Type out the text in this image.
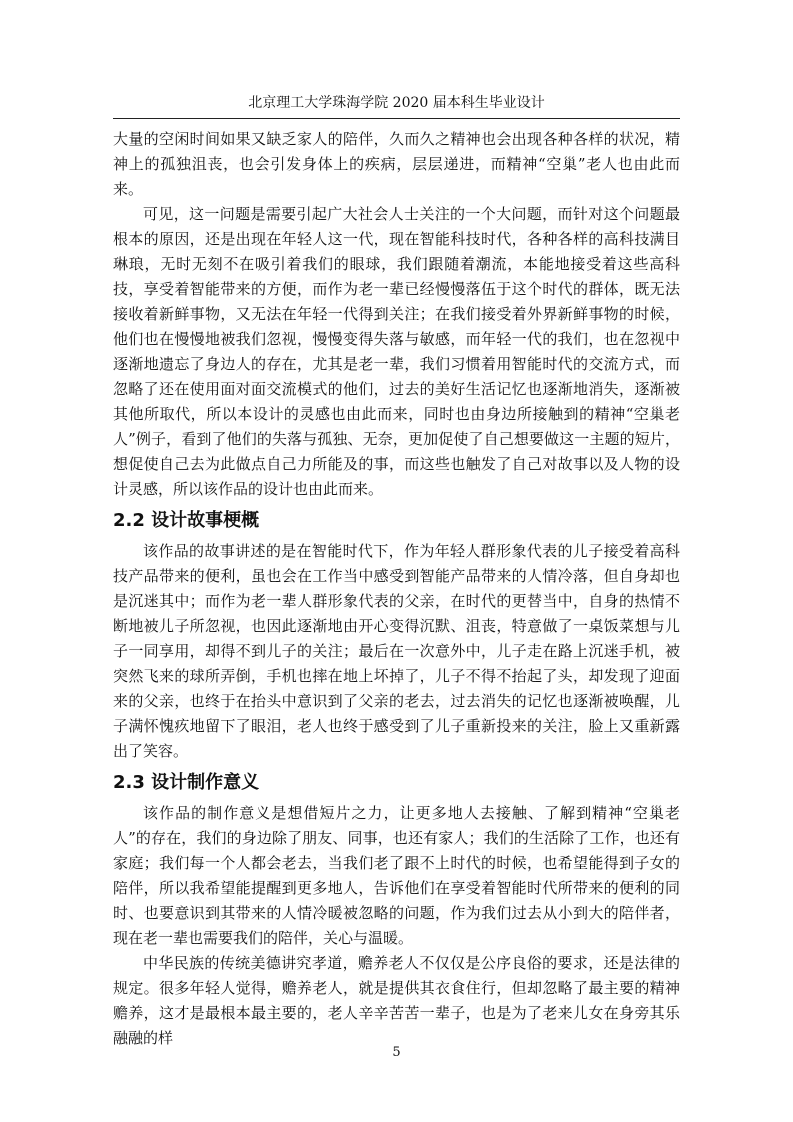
北京理工大学珠海学院 2020 届本科生毕业设计

大量的空闲时间如果又缺乏家人的陪伴，久而久之精神也会出现各种各样的状况，精神上的孤独沮丧，也会引发身体上的疾病，层层递进，而精神“空巢”老人也由此而来。

可见，这一问题是需要引起广大社会人士关注的一个大问题，而针对这个问题最根本的原因，还是出现在年轻人这一代，现在智能科技时代，各种各样的高科技满目琳琅，无时无刻不在吸引着我们的眼球，我们跟随着潮流，本能地接受着这些高科技，享受着智能带来的方便，而作为老一辈已经慢慢落伍于这个时代的群体，既无法接收着新鲜事物，又无法在年轻一代得到关注；在我们接受着外界新鲜事物的时候，他们也在慢慢地被我们忽视，慢慢变得失落与敏感，而年轻一代的我们，也在忽视中逐渐地遗忘了身边人的存在，尤其是老一辈，我们习惯着用智能时代的交流方式，而忽略了还在使用面对面交流模式的他们，过去的美好生活记忆也逐渐地消失，逐渐被其他所取代，所以本设计的灵感也由此而来，同时也由身边所接触到的精神“空巢老人”例子，看到了他们的失落与孤独、无奈，更加促使了自己想要做这一主题的短片，想促使自己去为此做点自己力所能及的事，而这些也触发了自己对故事以及人物的设计灵感，所以该作品的设计也由此而来。

2.2 设计故事梗概

该作品的故事讲述的是在智能时代下，作为年轻人群形象代表的儿子接受着高科技产品带来的便利，虽也会在工作当中感受到智能产品带来的人情冷落，但自身却也是沉迷其中；而作为老一辈人群形象代表的父亲，在时代的更替当中，自身的热情不断地被儿子所忽视，也因此逐渐地由开心变得沉默、沮丧，特意做了一桌饭菜想与儿子一同享用，却得不到儿子的关注；最后在一次意外中，儿子走在路上沉迷手机，被突然飞来的球所弄倒，手机也摔在地上坏掉了，儿子不得不抬起了头，却发现了迎面来的父亲，也终于在抬头中意识到了父亲的老去，过去消失的记忆也逐渐被唤醒，儿子满怀愧疚地留下了眼泪，老人也终于感受到了儿子重新投来的关注，脸上又重新露出了笑容。

2.3 设计制作意义

该作品的制作意义是想借短片之力，让更多地人去接触、了解到精神“空巢老人”的存在，我们的身边除了朋友、同事，也还有家人；我们的生活除了工作，也还有家庭；我们每一个人都会老去，当我们老了跟不上时代的时候，也希望能得到子女的陪伴，所以我希望能提醒到更多地人，告诉他们在享受着智能时代所带来的便利的同时、也要意识到其带来的人情冷暖被忽略的问题，作为我们过去从小到大的陪伴者，现在老一辈也需要我们的陪伴，关心与温暖。

中华民族的传统美德讲究孝道，赡养老人不仅仅是公序良俗的要求，还是法律的规定。很多年轻人觉得，赡养老人，就是提供其衣食住行，但却忽略了最主要的精神赡养，这才是最根本最主要的，老人辛辛苦苦一辈子，也是为了老来儿女在身旁其乐融融的样

5
